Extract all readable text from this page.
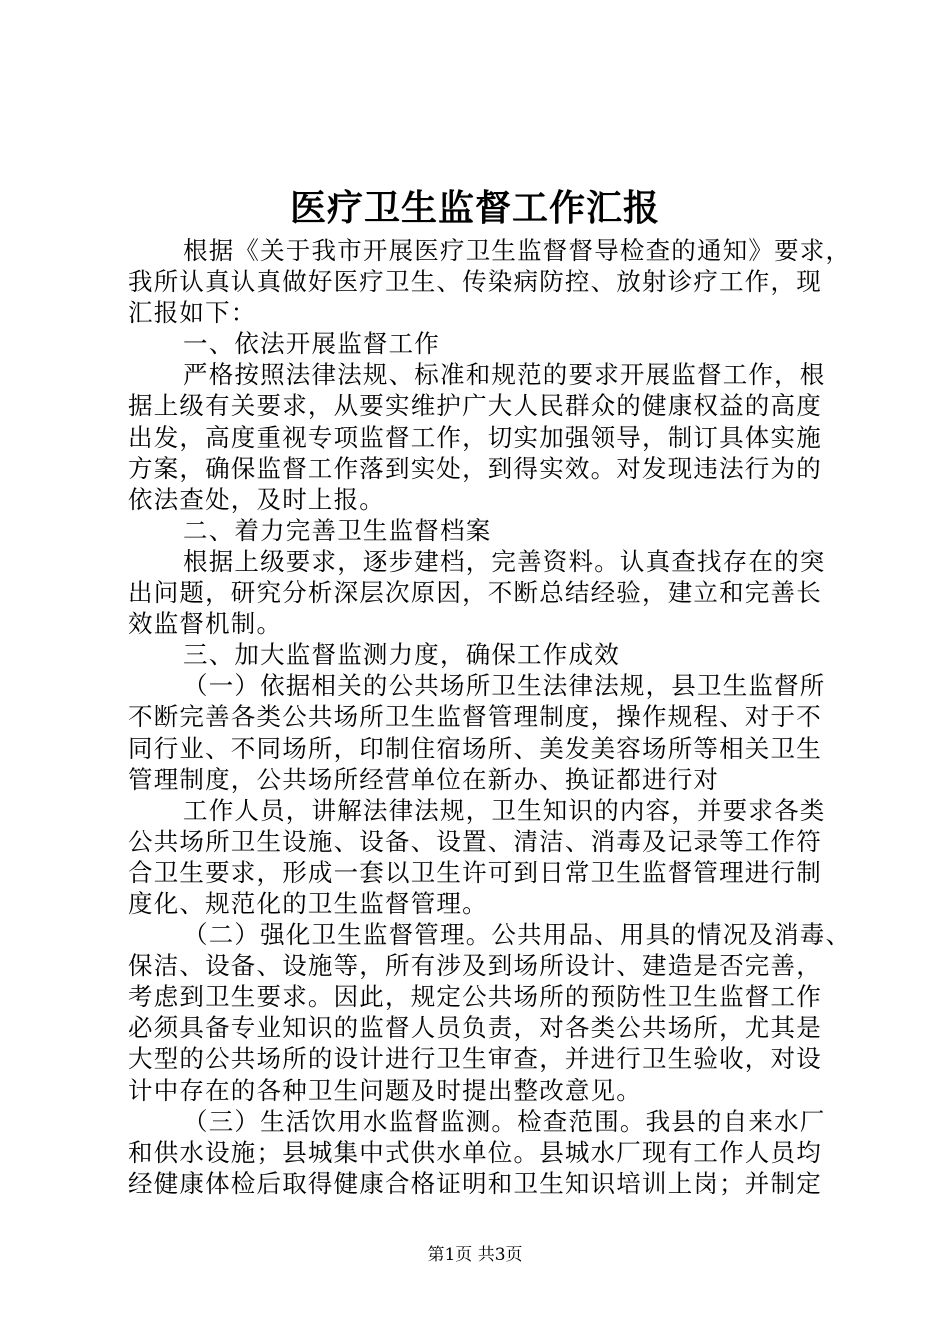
医疗卫生监督工作汇报
根据《关于我市开展医疗卫生监督督导检查的通知》要求，
我所认真认真做好医疗卫生、传染病防控、放射诊疗工作，现
汇报如下：
一、依法开展监督工作
严格按照法律法规、标准和规范的要求开展监督工作，根
据上级有关要求，从要实维护广大人民群众的健康权益的高度
出发，高度重视专项监督工作，切实加强领导，制订具体实施
方案，确保监督工作落到实处，到得实效。对发现违法行为的
依法查处，及时上报。
二、着力完善卫生监督档案
根据上级要求，逐步建档，完善资料。认真查找存在的突
出问题，研究分析深层次原因，不断总结经验，建立和完善长
效监督机制。
三、加大监督监测力度，确保工作成效
（一）依据相关的公共场所卫生法律法规，县卫生监督所
不断完善各类公共场所卫生监督管理制度，操作规程、对于不
同行业、不同场所，印制住宿场所、美发美容场所等相关卫生
管理制度，公共场所经营单位在新办、换证都进行对
工作人员，讲解法律法规，卫生知识的内容，并要求各类
公共场所卫生设施、设备、设置、清洁、消毒及记录等工作符
合卫生要求，形成一套以卫生许可到日常卫生监督管理进行制
度化、规范化的卫生监督管理。
（二）强化卫生监督管理。公共用品、用具的情况及消毒、
保洁、设备、设施等，所有涉及到场所设计、建造是否完善，
考虑到卫生要求。因此，规定公共场所的预防性卫生监督工作
必须具备专业知识的监督人员负责，对各类公共场所，尤其是
大型的公共场所的设计进行卫生审查，并进行卫生验收，对设
计中存在的各种卫生问题及时提出整改意见。
（三）生活饮用水监督监测。检查范围。我县的自来水厂
和供水设施；县城集中式供水单位。县城水厂现有工作人员均
经健康体检后取得健康合格证明和卫生知识培训上岗；并制定
第1页 共3页
